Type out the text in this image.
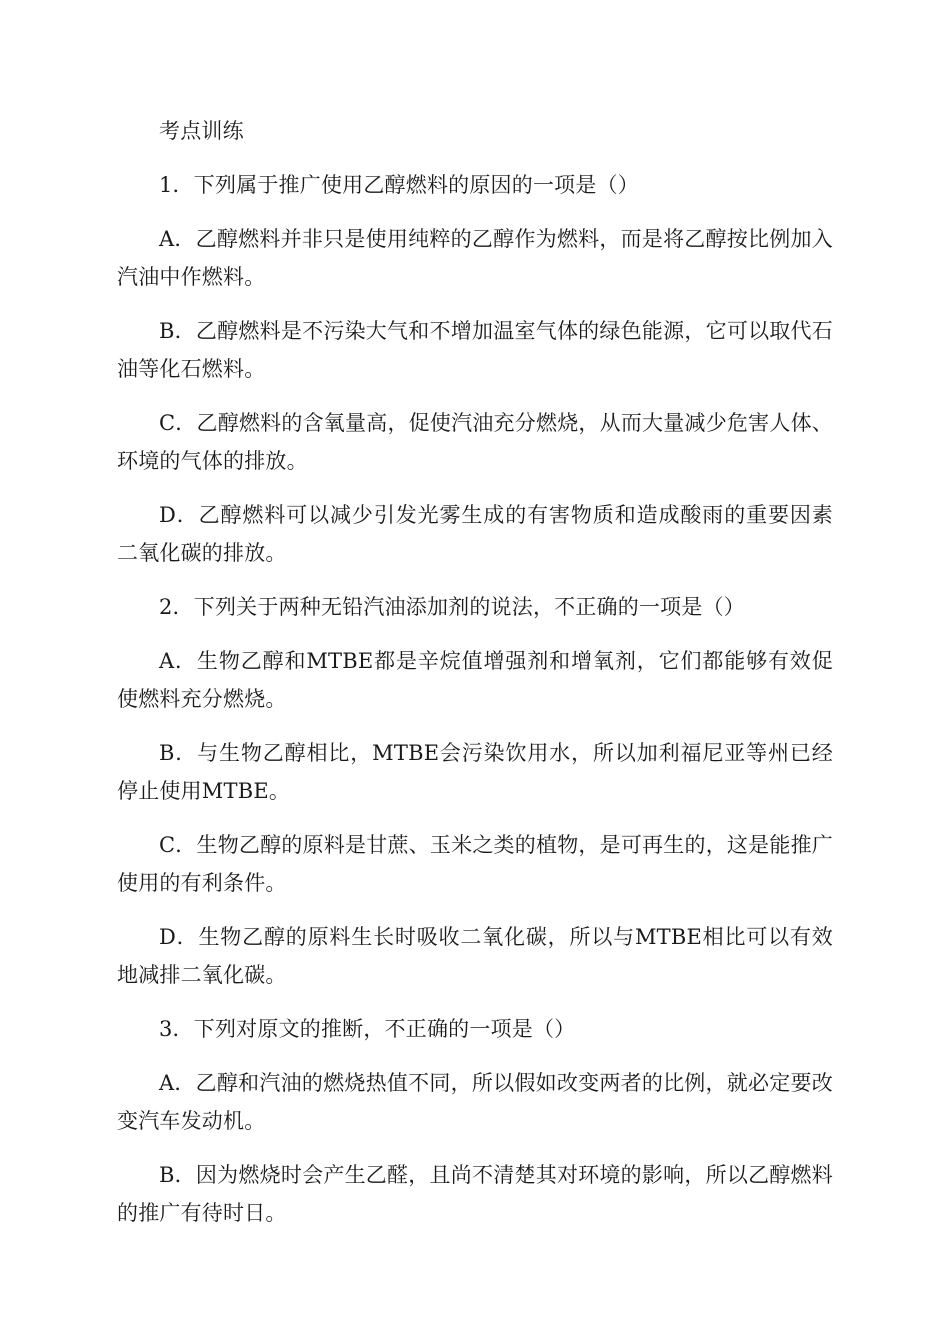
考点训练

1．下列属于推广使用乙醇燃料的原因的一项是（）

A．乙醇燃料并非只是使用纯粹的乙醇作为燃料，而是将乙醇按比例加入汽油中作燃料。

B．乙醇燃料是不污染大气和不增加温室气体的绿色能源，它可以取代石油等化石燃料。

C．乙醇燃料的含氧量高，促使汽油充分燃烧，从而大量减少危害人体、环境的气体的排放。

D．乙醇燃料可以减少引发光雾生成的有害物质和造成酸雨的重要因素二氧化碳的排放。

2．下列关于两种无铅汽油添加剂的说法，不正确的一项是（）

A．生物乙醇和MTBE都是辛烷值增强剂和增氧剂，它们都能够有效促使燃料充分燃烧。

B．与生物乙醇相比，MTBE会污染饮用水，所以加利福尼亚等州已经停止使用MTBE。

C．生物乙醇的原料是甘蔗、玉米之类的植物，是可再生的，这是能推广使用的有利条件。

D．生物乙醇的原料生长时吸收二氧化碳，所以与MTBE相比可以有效地减排二氧化碳。

3．下列对原文的推断，不正确的一项是（）

A．乙醇和汽油的燃烧热值不同，所以假如改变两者的比例，就必定要改变汽车发动机。

B．因为燃烧时会产生乙醛，且尚不清楚其对环境的影响，所以乙醇燃料的推广有待时日。
